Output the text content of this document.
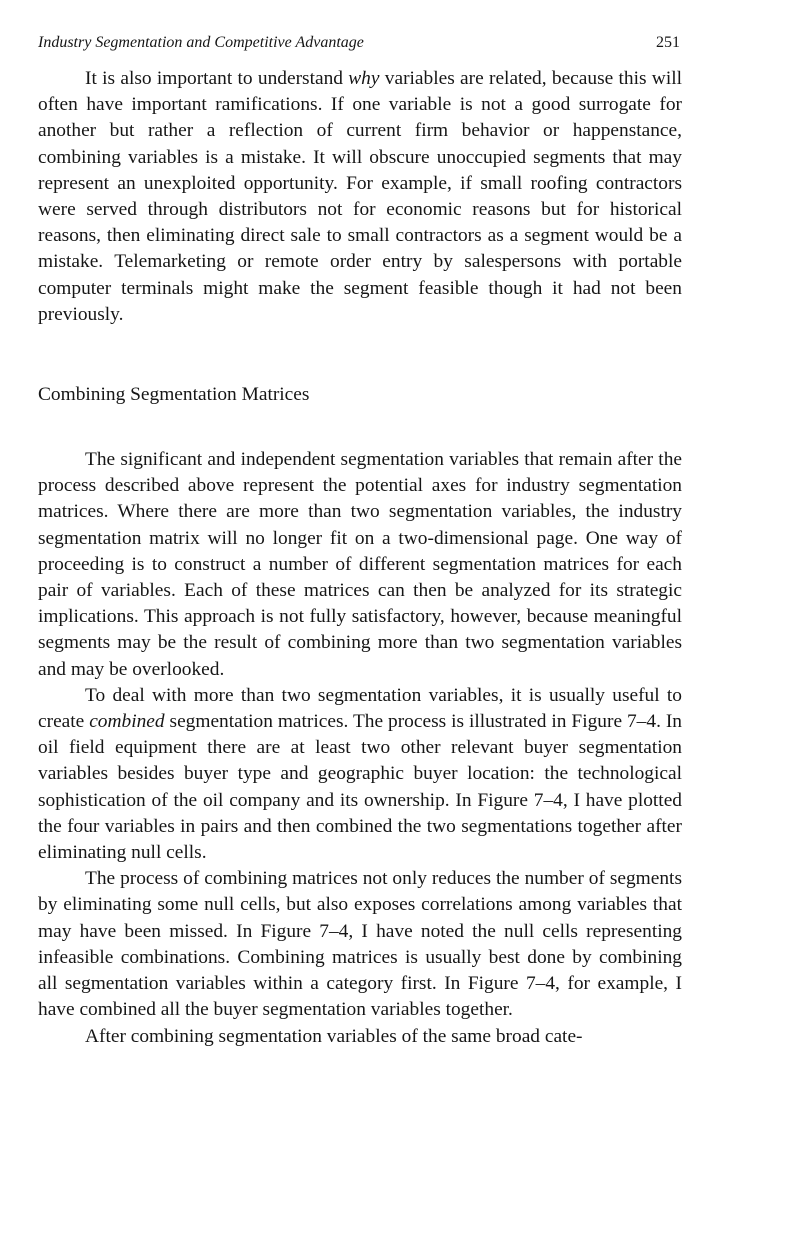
Industry Segmentation and Competitive Advantage	251

It is also important to understand why variables are related, because this will often have important ramifications. If one variable is not a good surrogate for another but rather a reflection of current firm behavior or happenstance, combining variables is a mistake. It will obscure unoccupied segments that may represent an unexploited opportunity. For example, if small roofing contractors were served through distributors not for economic reasons but for historical reasons, then eliminating direct sale to small contractors as a segment would be a mistake. Telemarketing or remote order entry by salespersons with portable computer terminals might make the segment feasible though it had not been previously.

Combining Segmentation Matrices

The significant and independent segmentation variables that remain after the process described above represent the potential axes for industry segmentation matrices. Where there are more than two segmentation variables, the industry segmentation matrix will no longer fit on a two-dimensional page. One way of proceeding is to construct a number of different segmentation matrices for each pair of variables. Each of these matrices can then be analyzed for its strategic implications. This approach is not fully satisfactory, however, because meaningful segments may be the result of combining more than two segmentation variables and may be overlooked.

To deal with more than two segmentation variables, it is usually useful to create combined segmentation matrices. The process is illustrated in Figure 7–4. In oil field equipment there are at least two other relevant buyer segmentation variables besides buyer type and geographic buyer location: the technological sophistication of the oil company and its ownership. In Figure 7–4, I have plotted the four variables in pairs and then combined the two segmentations together after eliminating null cells.

The process of combining matrices not only reduces the number of segments by eliminating some null cells, but also exposes correlations among variables that may have been missed. In Figure 7–4, I have noted the null cells representing infeasible combinations. Combining matrices is usually best done by combining all segmentation variables within a category first. In Figure 7–4, for example, I have combined all the buyer segmentation variables together.

After combining segmentation variables of the same broad cate-
